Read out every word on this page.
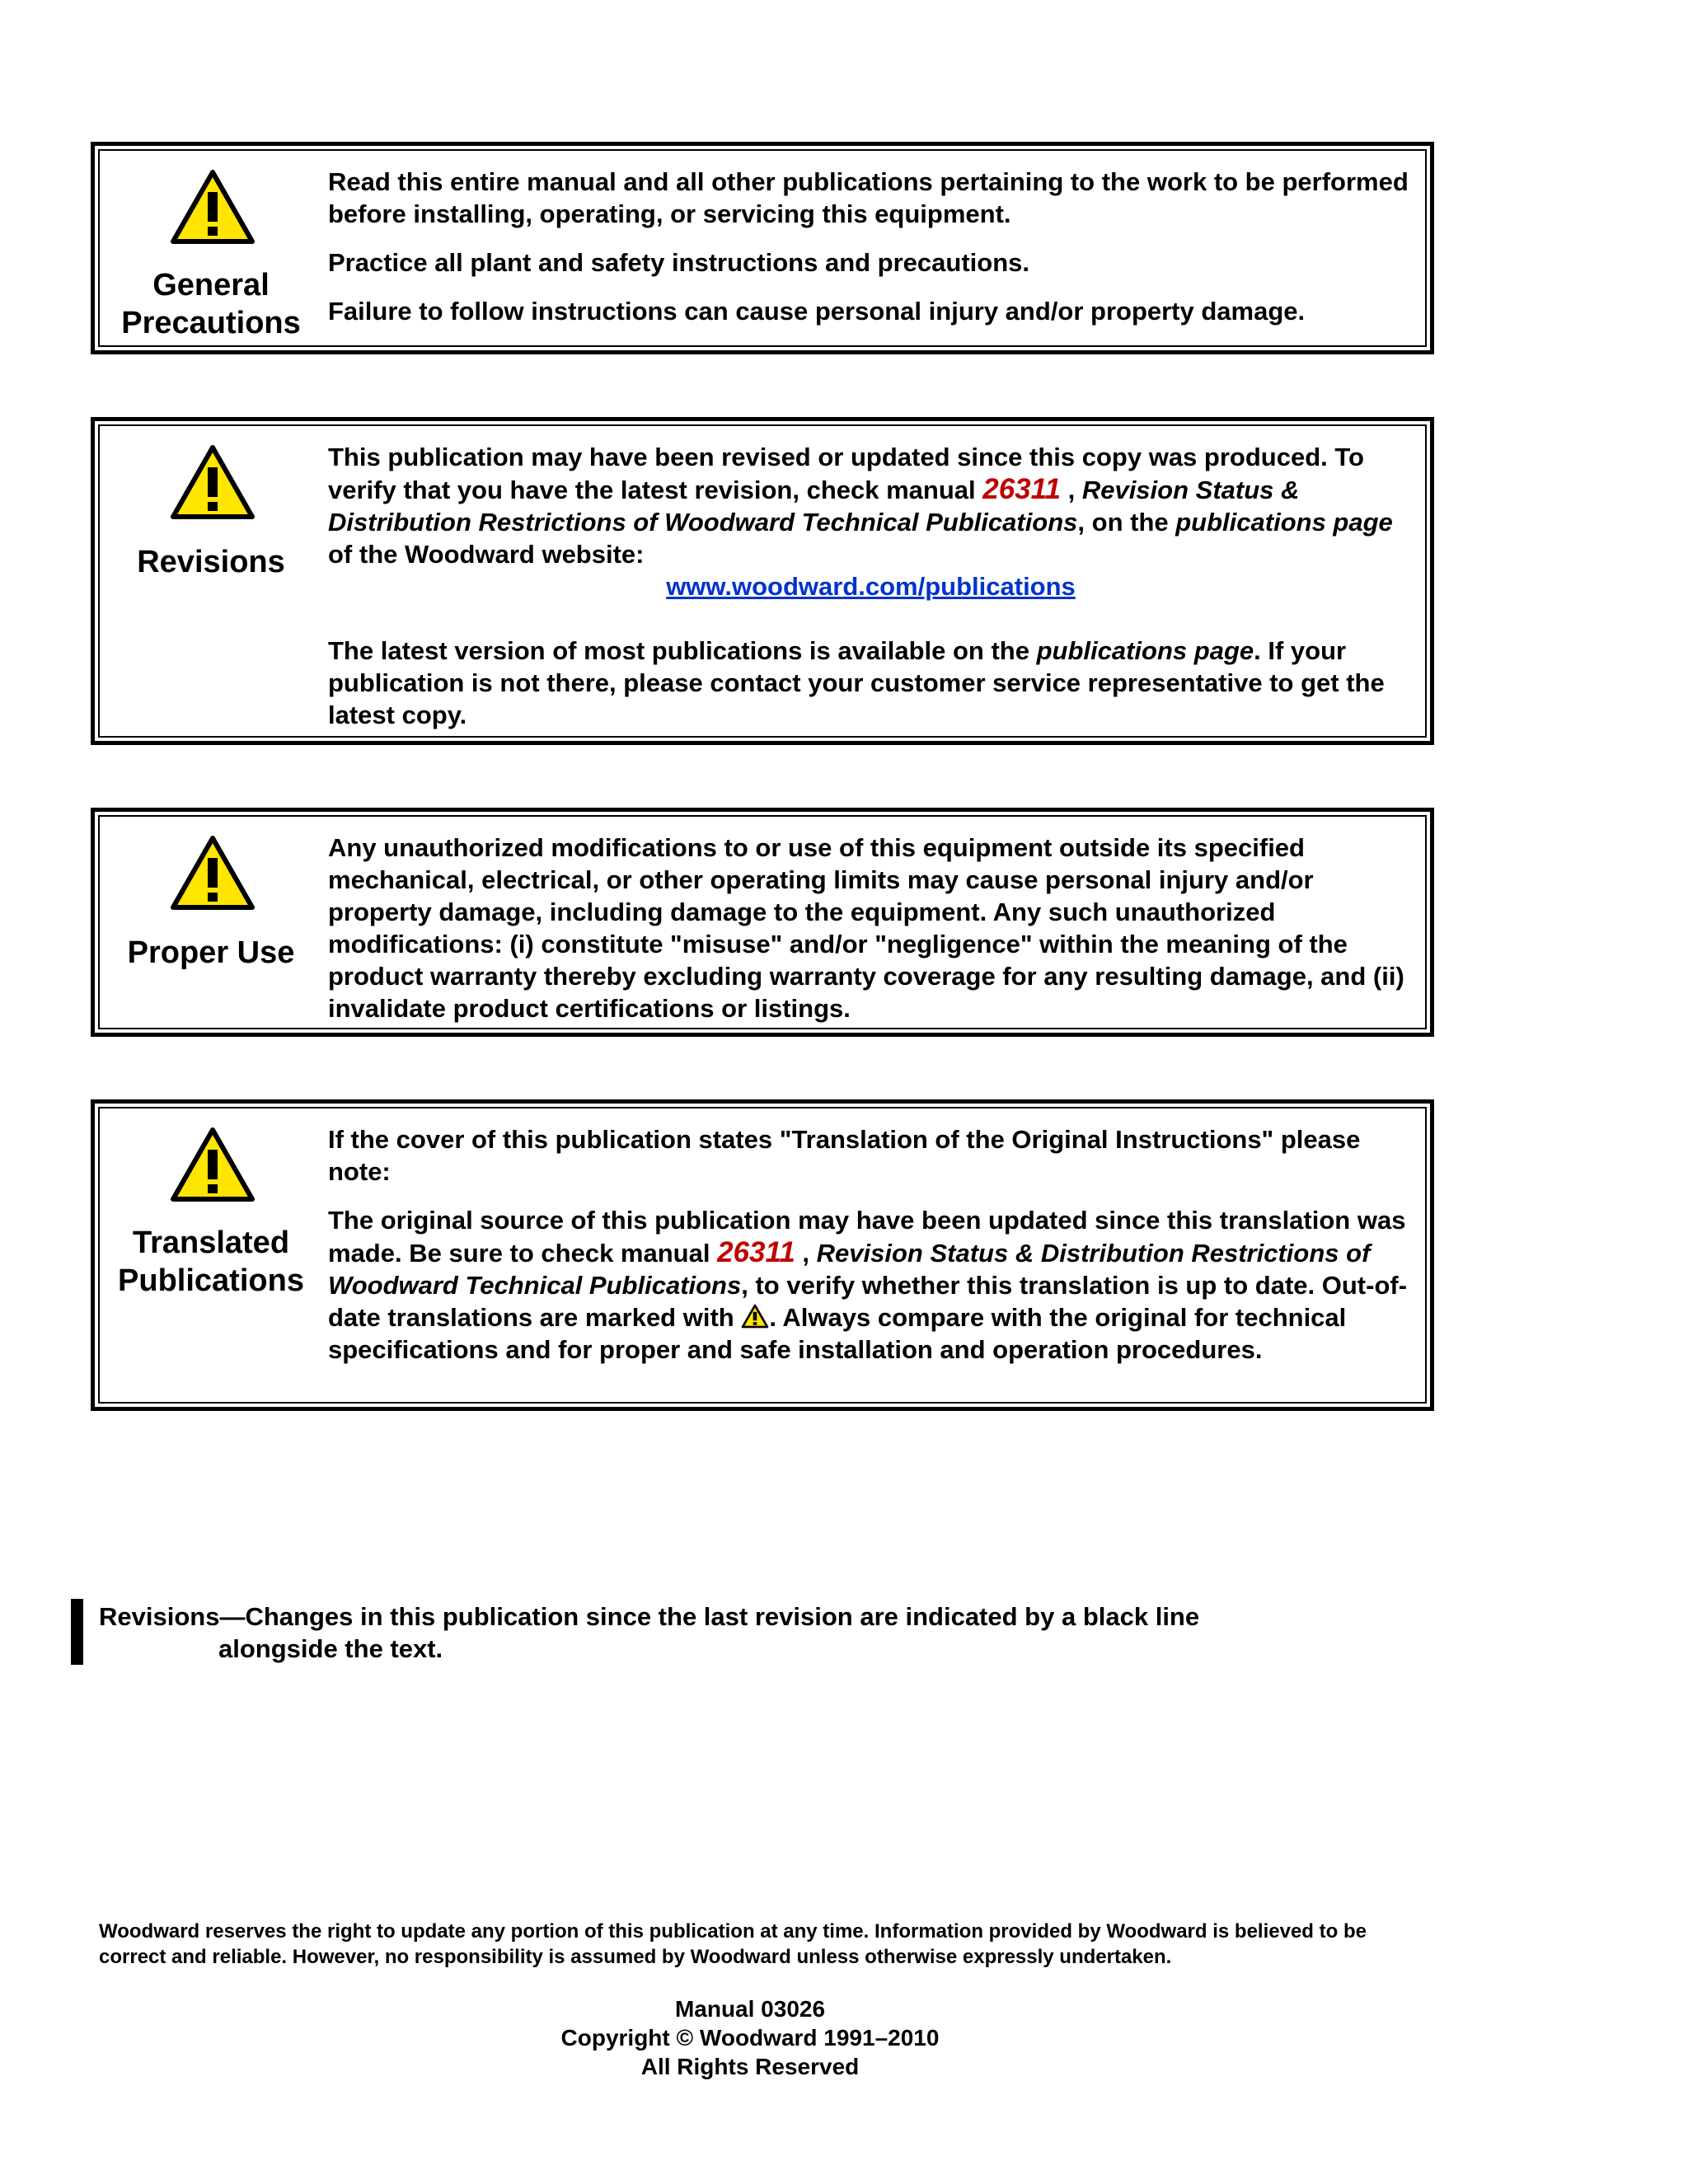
General
Precautions

Read this entire manual and all other publications pertaining to the work to be performed before installing, operating, or servicing this equipment.

Practice all plant and safety instructions and precautions.

Failure to follow instructions can cause personal injury and/or property damage.

Revisions

This publication may have been revised or updated since this copy was produced. To verify that you have the latest revision, check manual 26311 , Revision Status & Distribution Restrictions of Woodward Technical Publications, on the publications page of the Woodward website:

www.woodward.com/publications

The latest version of most publications is available on the publications page. If your publication is not there, please contact your customer service representative to get the latest copy.

Proper Use

Any unauthorized modifications to or use of this equipment outside its specified mechanical, electrical, or other operating limits may cause personal injury and/or property damage, including damage to the equipment. Any such unauthorized modifications: (i) constitute "misuse" and/or "negligence" within the meaning of the product warranty thereby excluding warranty coverage for any resulting damage, and (ii) invalidate product certifications or listings.

Translated
Publications

If the cover of this publication states "Translation of the Original Instructions" please note:

The original source of this publication may have been updated since this translation was made. Be sure to check manual 26311 , Revision Status & Distribution Restrictions of Woodward Technical Publications, to verify whether this translation is up to date. Out-of-date translations are marked with . Always compare with the original for technical specifications and for proper and safe installation and operation procedures.

Revisions—Changes in this publication since the last revision are indicated by a black line
alongside the text.
Woodward reserves the right to update any portion of this publication at any time. Information provided by Woodward is believed to be correct and reliable. However, no responsibility is assumed by Woodward unless otherwise expressly undertaken.
Manual 03026
Copyright © Woodward 1991–2010
All Rights Reserved
